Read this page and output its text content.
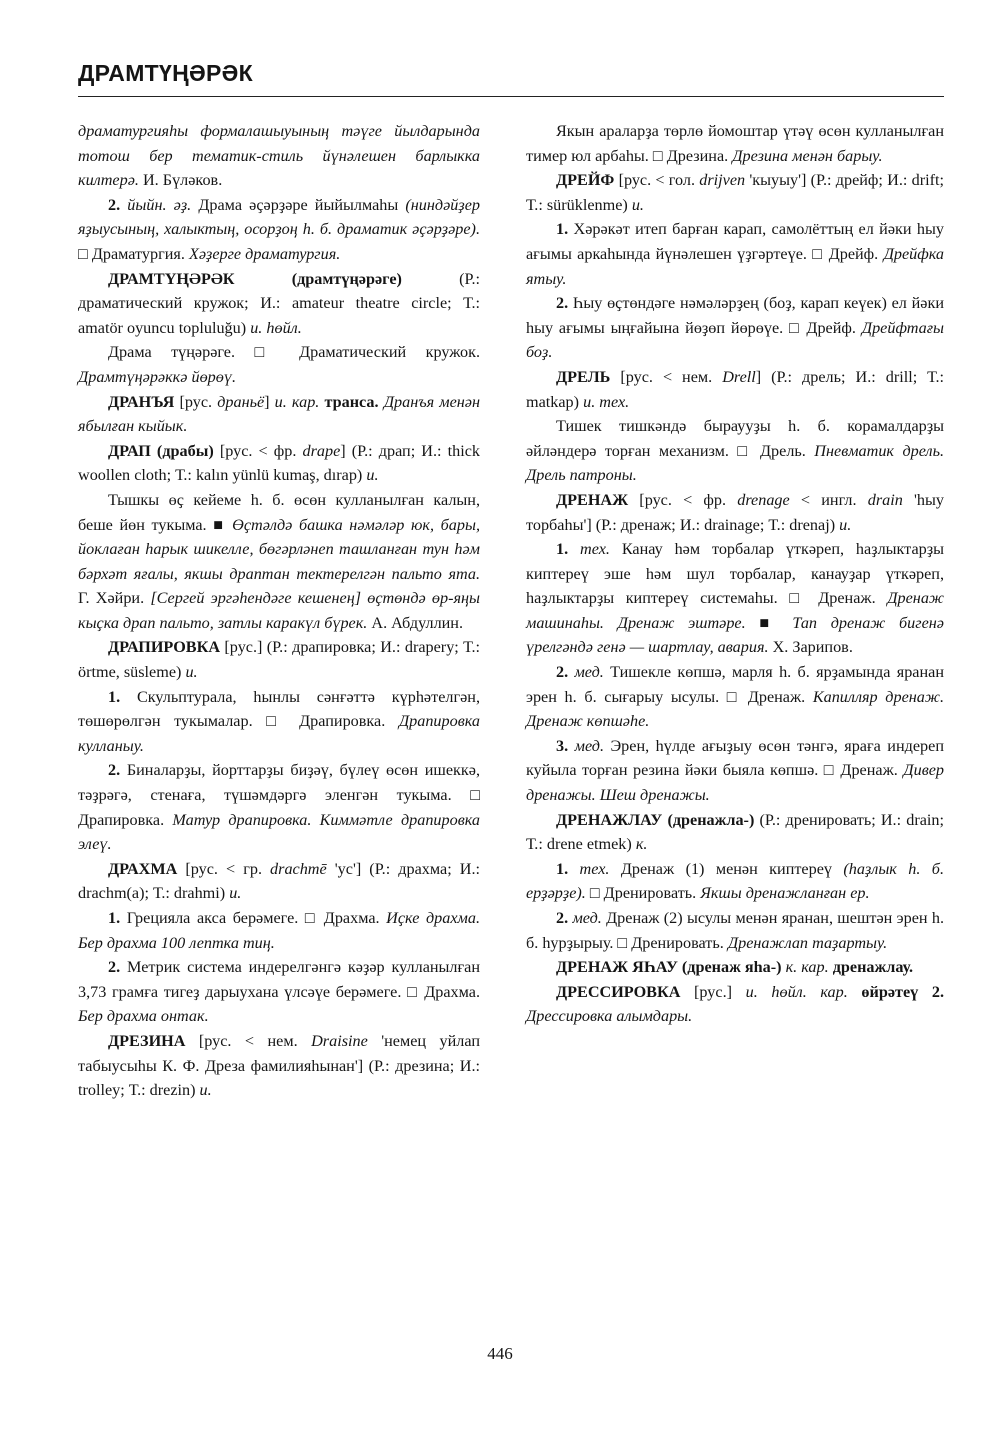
ДРАМТҮҢӘРӘК

драматургияһы формалашыуының тәүге йылдарында тотош бер тематик-стиль йүнәлешен барлыкка килтерә. И. Бүләков.

2. йыйн. әҙ. Драма әҫәрҙәре йыйылмаһы (ниндәйҙер яҙыусының, халыктың, осорҙоң һ. б. драматик әҫәрҙәре). □ Драматургия. Хәҙерге драматургия.

ДРАМТҮҢӘРӘК (драмтүңәрәге) (Р.: драматический кружок; И.: amateur theatre circle; Т.: amatör oyuncu topluluğu) и. һөйл.

Драма түңәрәге. □ Драматический кружок. Драмтүңәрәккә йөрөү.

ДРАНЪЯ [рус. драньё] и. кар. транса. Дранъя менән ябылған кыйык.

ДРАП (драбы) [рус. < фр. drape] (Р.: драп; И.: thick woollen cloth; Т.: kalın yünlü kumaş, dırap) и.

Тышкы өҫ кейеме һ. б. өсөн кулланылған калын, беше йөн тукыма. ■ Өҫтәлдә башка нәмәләр юк, бары, йоклаған һарык шикелле, бөгәрләнеп ташланған тун һәм бәрхәт яғалы, якшы драптан тектерелгән пальто ята. Г. Хәйри. [Сергей эргәһендәге кешенең] өҫтөндә өр-яңы кыҫка драп пальто, затлы каракүл бүрек. А. Абдуллин.

ДРАПИРОВКА [рус.] (Р.: драпировка; И.: drapery; Т.: örtme, süsleme) и.

1. Скульптурала, һынлы сәнғәттә күрһәтелгән, төшөрөлгән тукымалар. □ Драпировка. Драпировка кулланыу.

2. Биналарҙы, йорттарҙы биҙәү, бүлеү өсөн ишеккә, тәҙрәгә, стенаға, түшәмдәргә эленгән тукыма. □ Драпировка. Матур драпировка. Киммәтле драпировка элеү.

ДРАХМА [рус. < гр. drachmē 'ус'] (Р.: драхма; И.: drachm(a); Т.: drahmi) и.

1. Грецияла акса берәмеге. □ Драхма. Иҫке драхма. Бер драхма 100 лептка тиң.

2. Метрик система индерелгәнгә кәҙәр кулланылған 3,73 грамға тигеҙ дарыухана үлсәүе берәмеге. □ Драхма. Бер драхма онтак.

ДРЕЗИНА [рус. < нем. Draisine 'немец уйлап табыусыһы К. Ф. Дреза фамилияһынан'] (Р.: дрезина; И.: trolley; Т.: drezin) и.

Якын араларҙа төрлө йомоштар үтәү өсөн кулланылған тимер юл арбаһы. □ Дрезина. Дрезина менән барыу.

ДРЕЙФ [рус. < гол. drijven 'кыуыу'] (Р.: дрейф; И.: drift; Т.: sürüklenme) и.

1. Хәрәкәт итеп барған карап, самолёттың ел йәки һыу ағымы аркаһында йүнәлешен үҙгәртеүе. □ Дрейф. Дрейфка ятыу.

2. Һыу өҫтөндәге нәмәләрҙең (боҙ, карап кеүек) ел йәки һыу ағымы ыңғайына йөҙөп йөрөүе. □ Дрейф. Дрейфтағы боҙ.

ДРЕЛЬ [рус. < нем. Drell] (Р.: дрель; И.: drill; Т.: matkap) и. тех.

Тишек тишкәндә быраууҙы һ. б. корамалдарҙы әйләндерә торған механизм. □ Дрель. Пневматик дрель. Дрель патроны.

ДРЕНАЖ [рус. < фр. drenage < ингл. drain 'һыу торбаһы'] (Р.: дренаж; И.: drainage; Т.: drenaj) и.

1. тех. Канау һәм торбалар үткәреп, һаҙлыктарҙы киптереү эше һәм шул торбалар, канауҙар үткәреп, һаҙлыктарҙы киптереү системаһы. □ Дренаж. Дренаж машинаһы. Дренаж эштәре. ■ Тап дренаж бигенә үрелгәндә генә — шартлау, авария. Х. Зарипов.

2. мед. Тишекле көпшә, марля һ. б. ярҙамында яранан эрен һ. б. сығарыу ысулы. □ Дренаж. Капилляр дренаж. Дренаж көпшәһе.

3. мед. Эрен, һүлде ағыҙыу өсөн тәнгә, яраға индереп куйыла торған резина йәки быяла көпшә. □ Дренаж. Дивер дренажы. Шеш дренажы.

ДРЕНАЖЛАУ (дренажла-) (Р.: дренировать; И.: drain; Т.: drene etmek) к.

1. тех. Дренаж (1) менән киптереү (һаҙлык һ. б. ерҙәрҙе). □ Дренировать. Якшы дренажланған ер.

2. мед. Дренаж (2) ысулы менән яранан, шештән эрен һ. б. һурҙырыу. □ Дренировать. Дренажлап таҙартыу.

ДРЕНАЖ ЯҺАУ (дренаж яһа-) к. кар. дренажлау.

ДРЕССИРОВКА [рус.] и. һөйл. кар. өйрәтеү 2. Дрессировка алымдары.

446
